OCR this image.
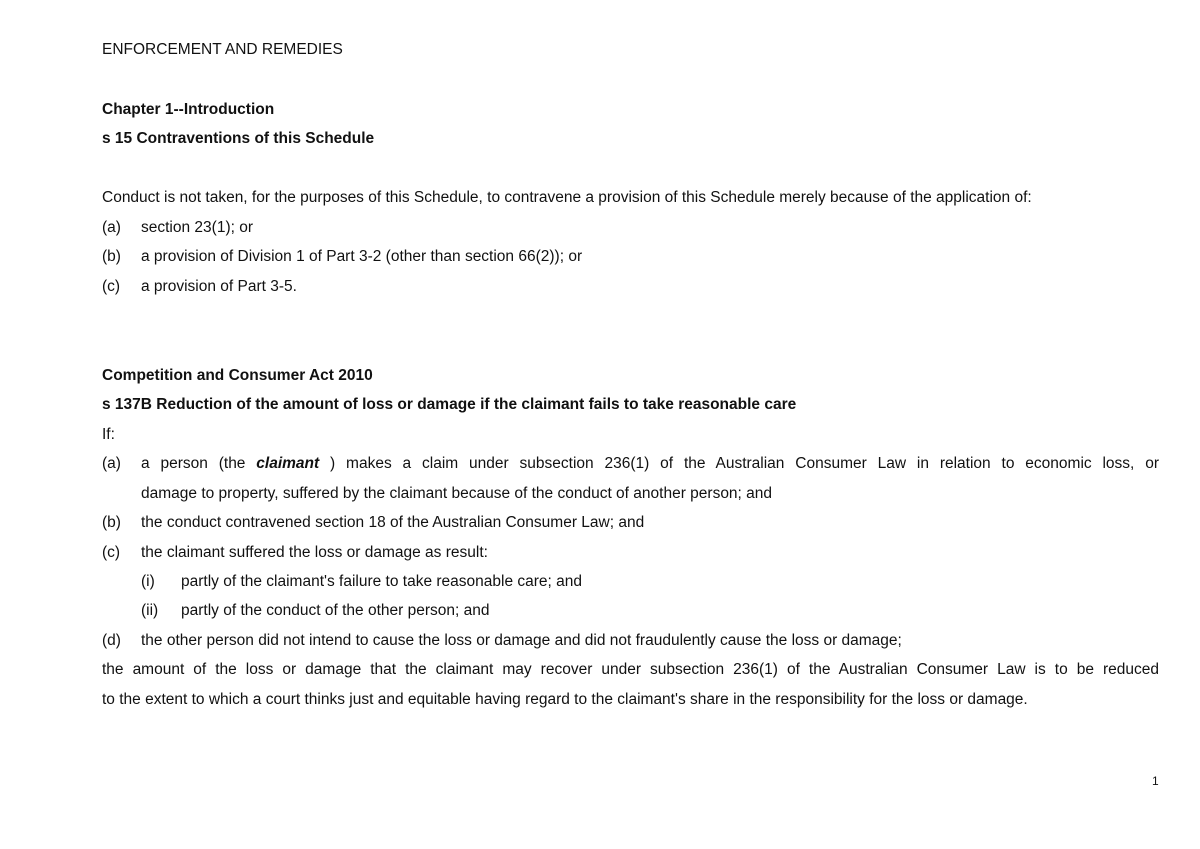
ENFORCEMENT AND REMEDIES
Chapter 1--Introduction
s 15 Contraventions of this Schedule
Conduct is not taken, for the purposes of this Schedule, to contravene a provision of this Schedule merely because of the application of:
(a) section 23(1); or
(b) a provision of Division 1 of Part 3-2 (other than section 66(2)); or
(c) a provision of Part 3-5.
Competition and Consumer Act 2010
s 137B Reduction of the amount of loss or damage if the claimant fails to take reasonable care
If:
(a) a person (the claimant ) makes a claim under subsection 236(1) of the Australian Consumer Law in relation to economic loss, or
damage to property, suffered by the claimant because of the conduct of another person; and
(b) the conduct contravened section 18 of the Australian Consumer Law; and
(c) the claimant suffered the loss or damage as result:
(i) partly of the claimant's failure to take reasonable care; and
(ii) partly of the conduct of the other person; and
(d) the other person did not intend to cause the loss or damage and did not fraudulently cause the loss or damage;
the amount of the loss or damage that the claimant may recover under subsection 236(1) of the Australian Consumer Law is to be reduced
to the extent to which a court thinks just and equitable having regard to the claimant's share in the responsibility for the loss or damage.
1
